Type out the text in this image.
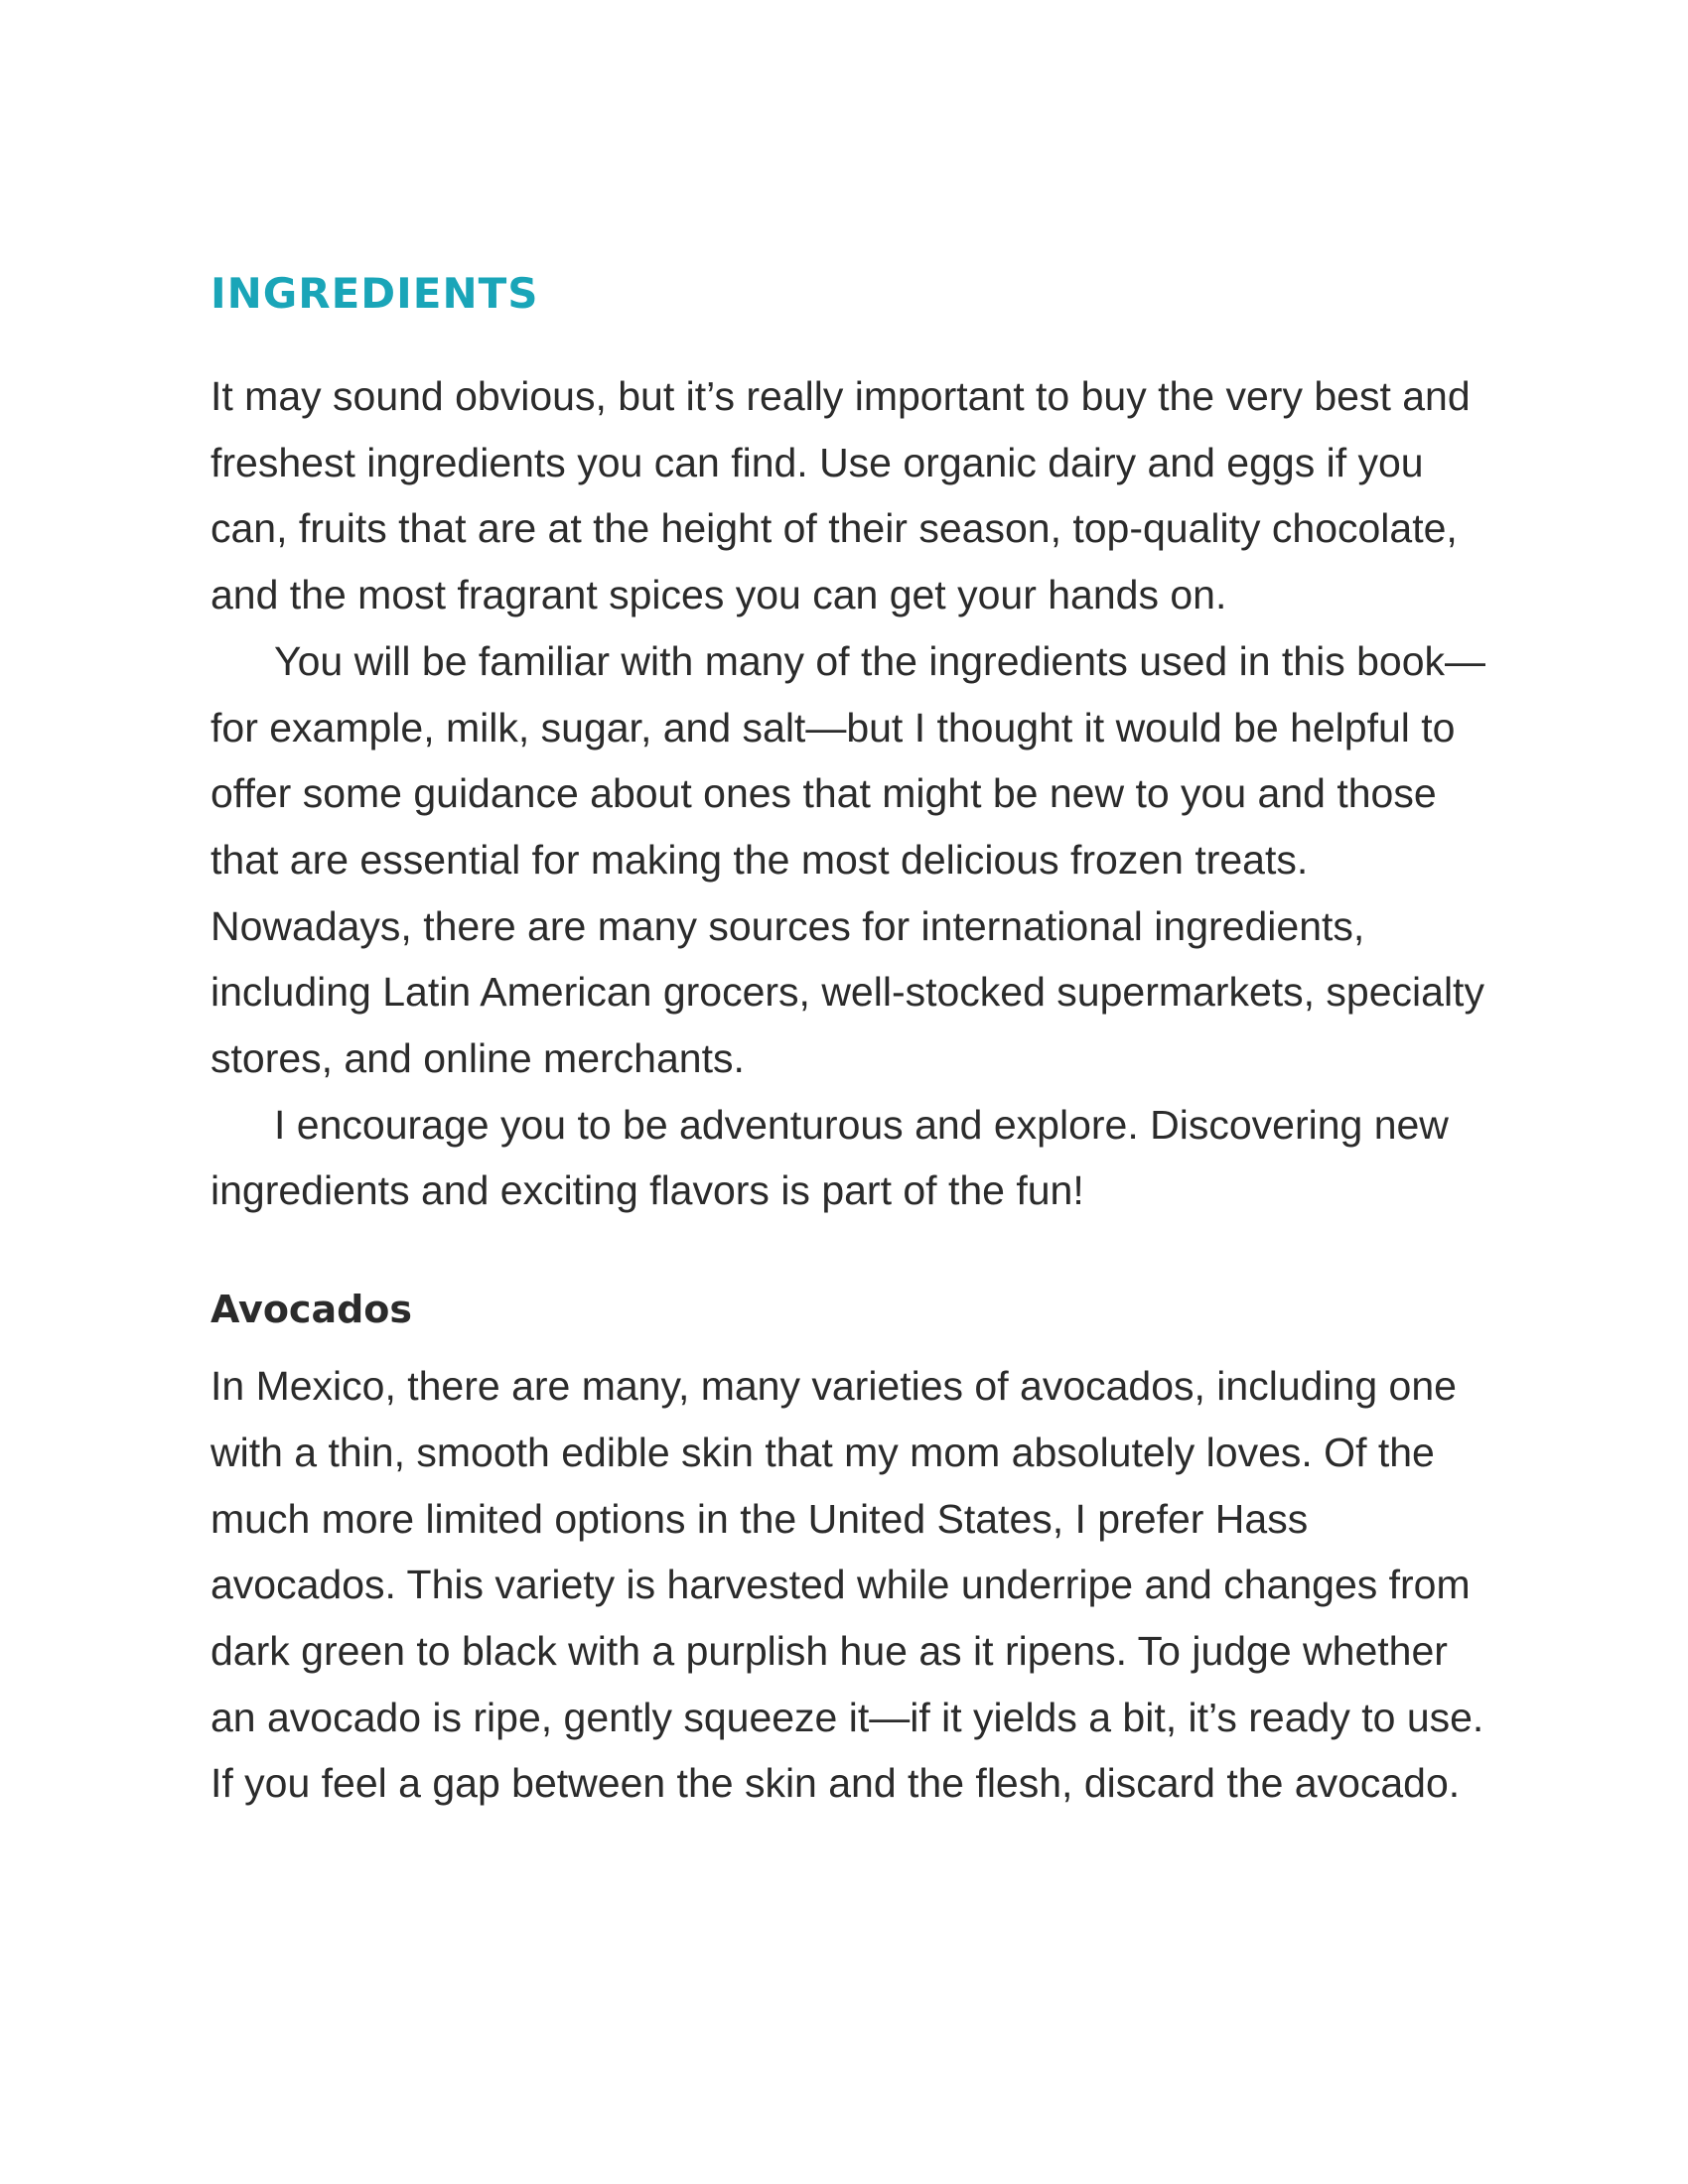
INGREDIENTS

It may sound obvious, but it’s really important to buy the very best and freshest ingredients you can find. Use organic dairy and eggs if you can, fruits that are at the height of their season, top-quality chocolate, and the most fragrant spices you can get your hands on.

You will be familiar with many of the ingredients used in this book—for example, milk, sugar, and salt—but I thought it would be helpful to offer some guidance about ones that might be new to you and those that are essential for making the most delicious frozen treats. Nowadays, there are many sources for international ingredients, including Latin American grocers, well-stocked supermarkets, specialty stores, and online merchants.

I encourage you to be adventurous and explore. Discovering new ingredients and exciting flavors is part of the fun!

Avocados

In Mexico, there are many, many varieties of avocados, including one with a thin, smooth edible skin that my mom absolutely loves. Of the much more limited options in the United States, I prefer Hass avocados. This variety is harvested while underripe and changes from dark green to black with a purplish hue as it ripens. To judge whether an avocado is ripe, gently squeeze it—if it yields a bit, it’s ready to use. If you feel a gap between the skin and the flesh, discard the avocado.
